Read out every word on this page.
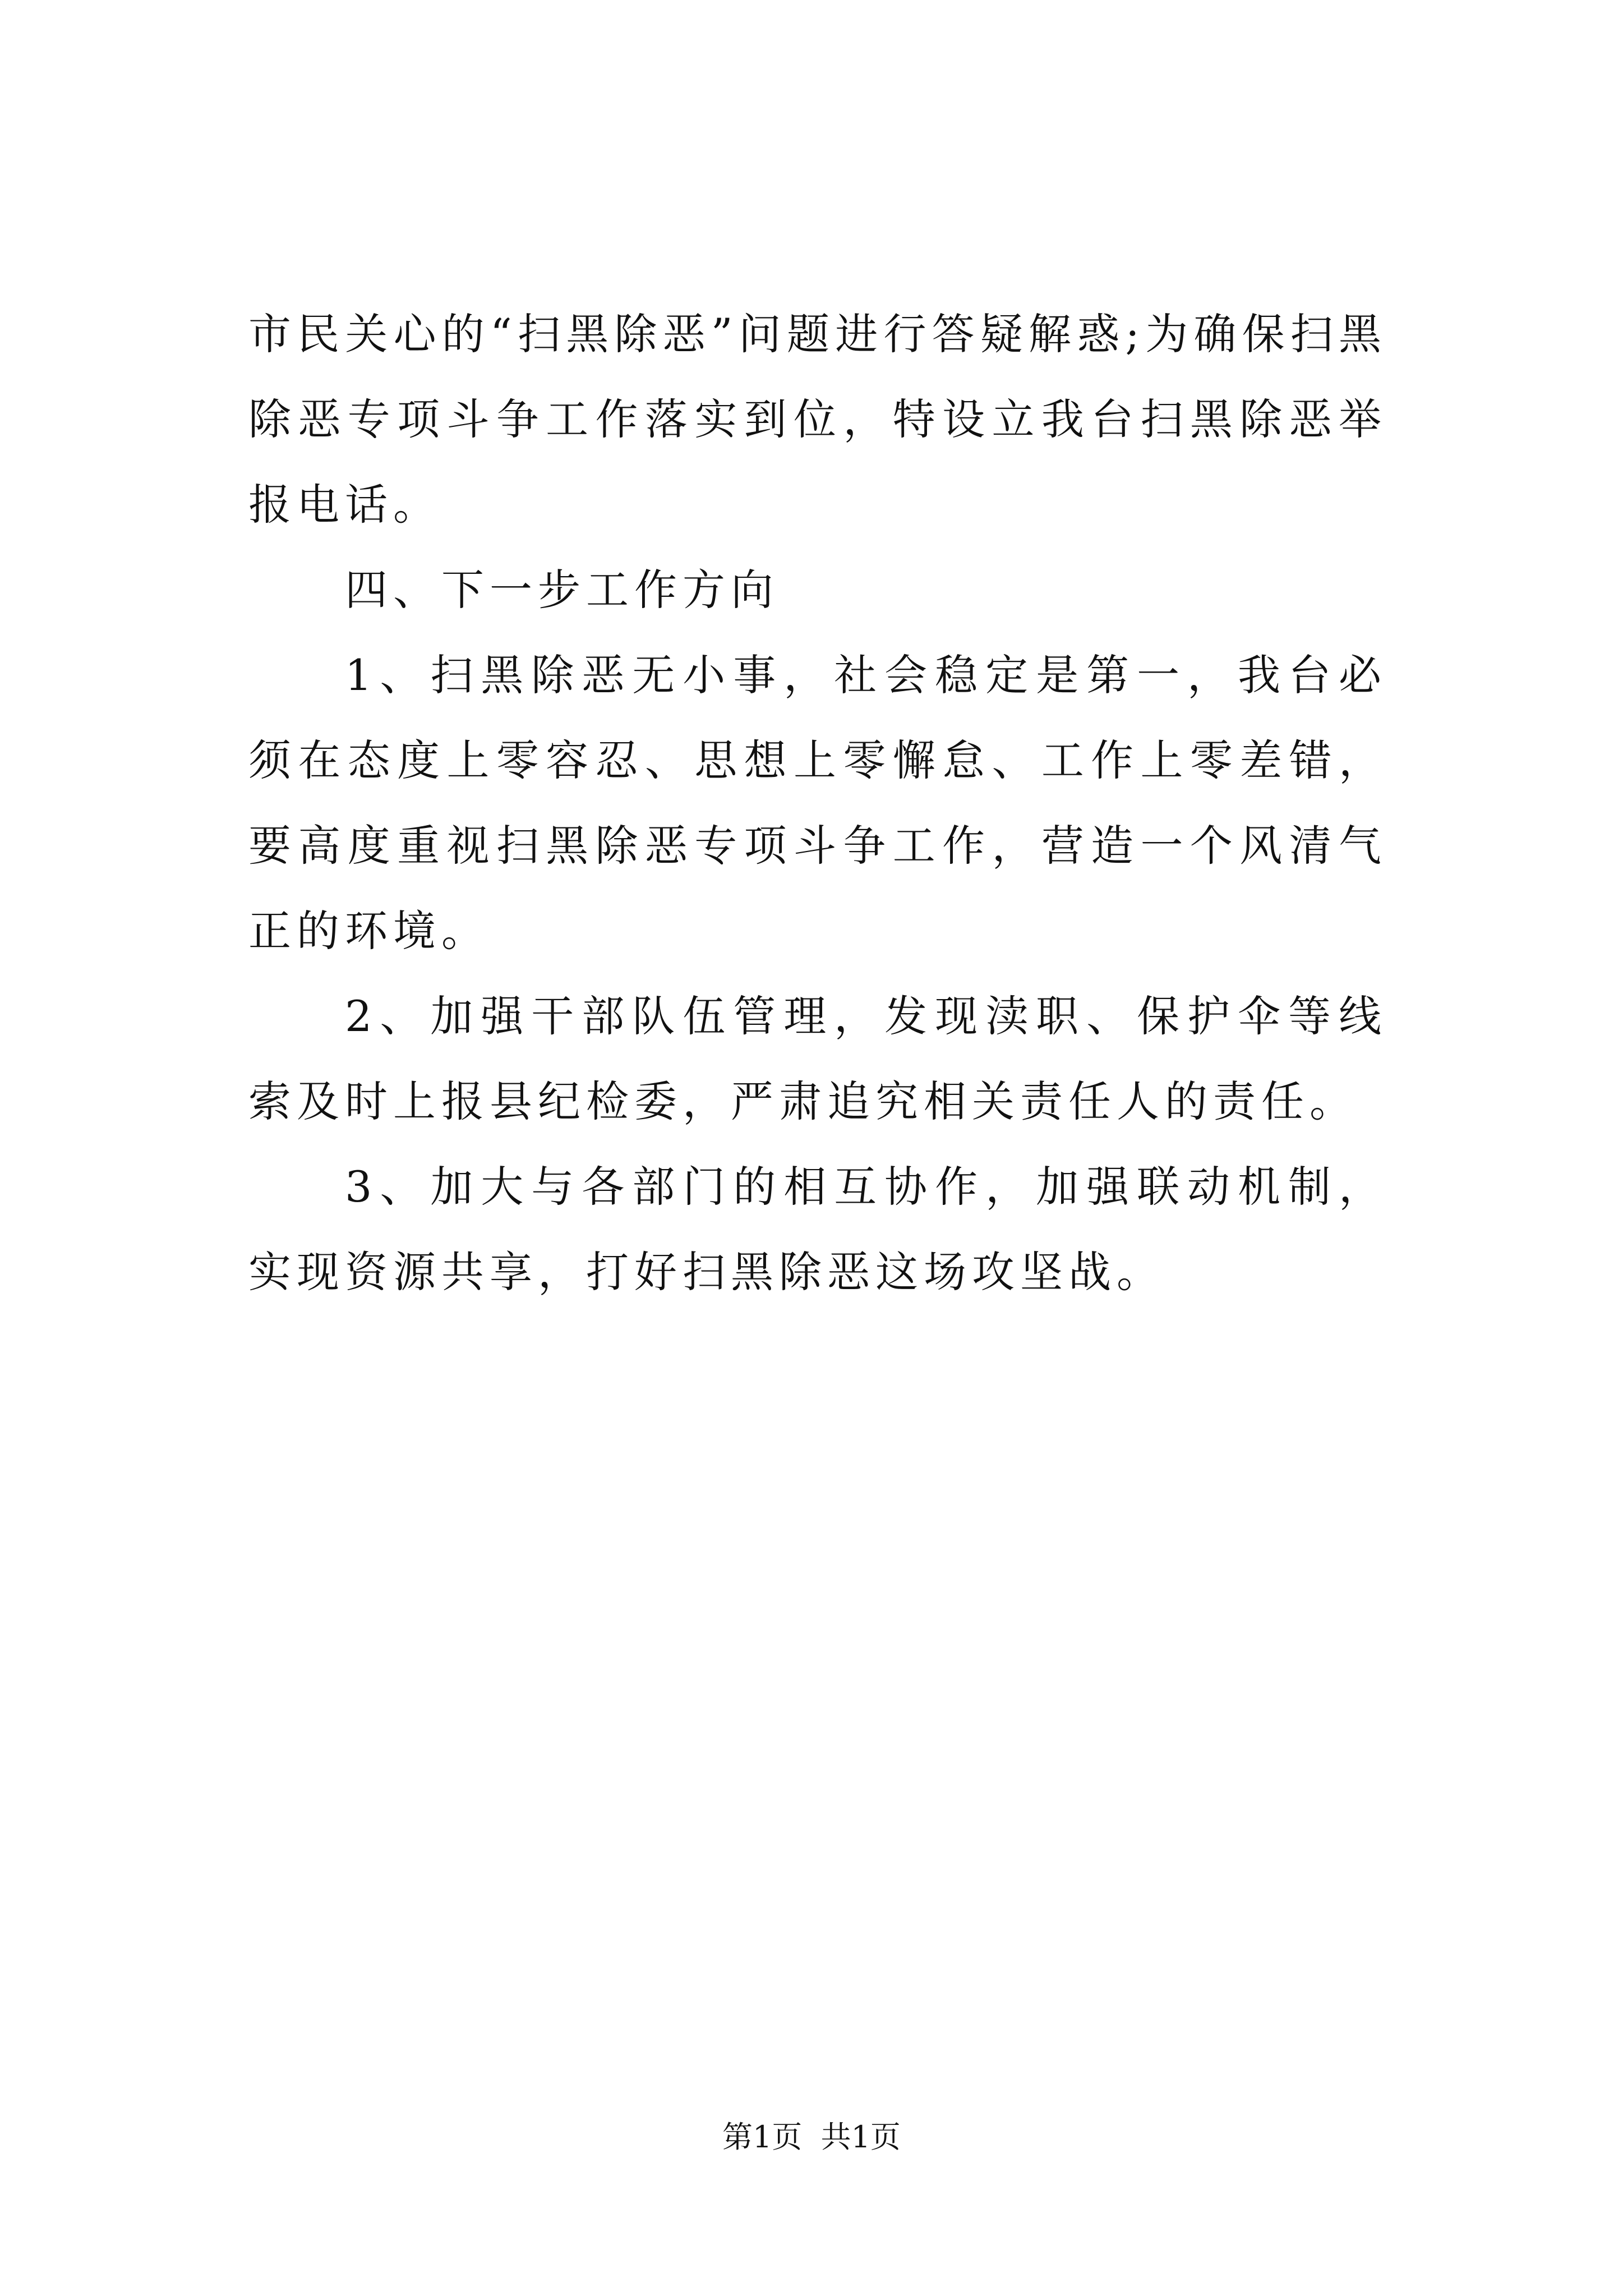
市民关心的“扫黑除恶”问题进行答疑解惑;为确保扫黑除恶专项斗争工作落实到位，特设立我台扫黑除恶举报电话。

四、下一步工作方向

1、扫黑除恶无小事，社会稳定是第一，我台必须在态度上零容忍、思想上零懈怠、工作上零差错，要高度重视扫黑除恶专项斗争工作，营造一个风清气正的环境。

2、加强干部队伍管理，发现渎职、保护伞等线索及时上报县纪检委，严肃追究相关责任人的责任。

3、加大与各部门的相互协作，加强联动机制，实现资源共享，打好扫黑除恶这场攻坚战。

第1页 共1页
